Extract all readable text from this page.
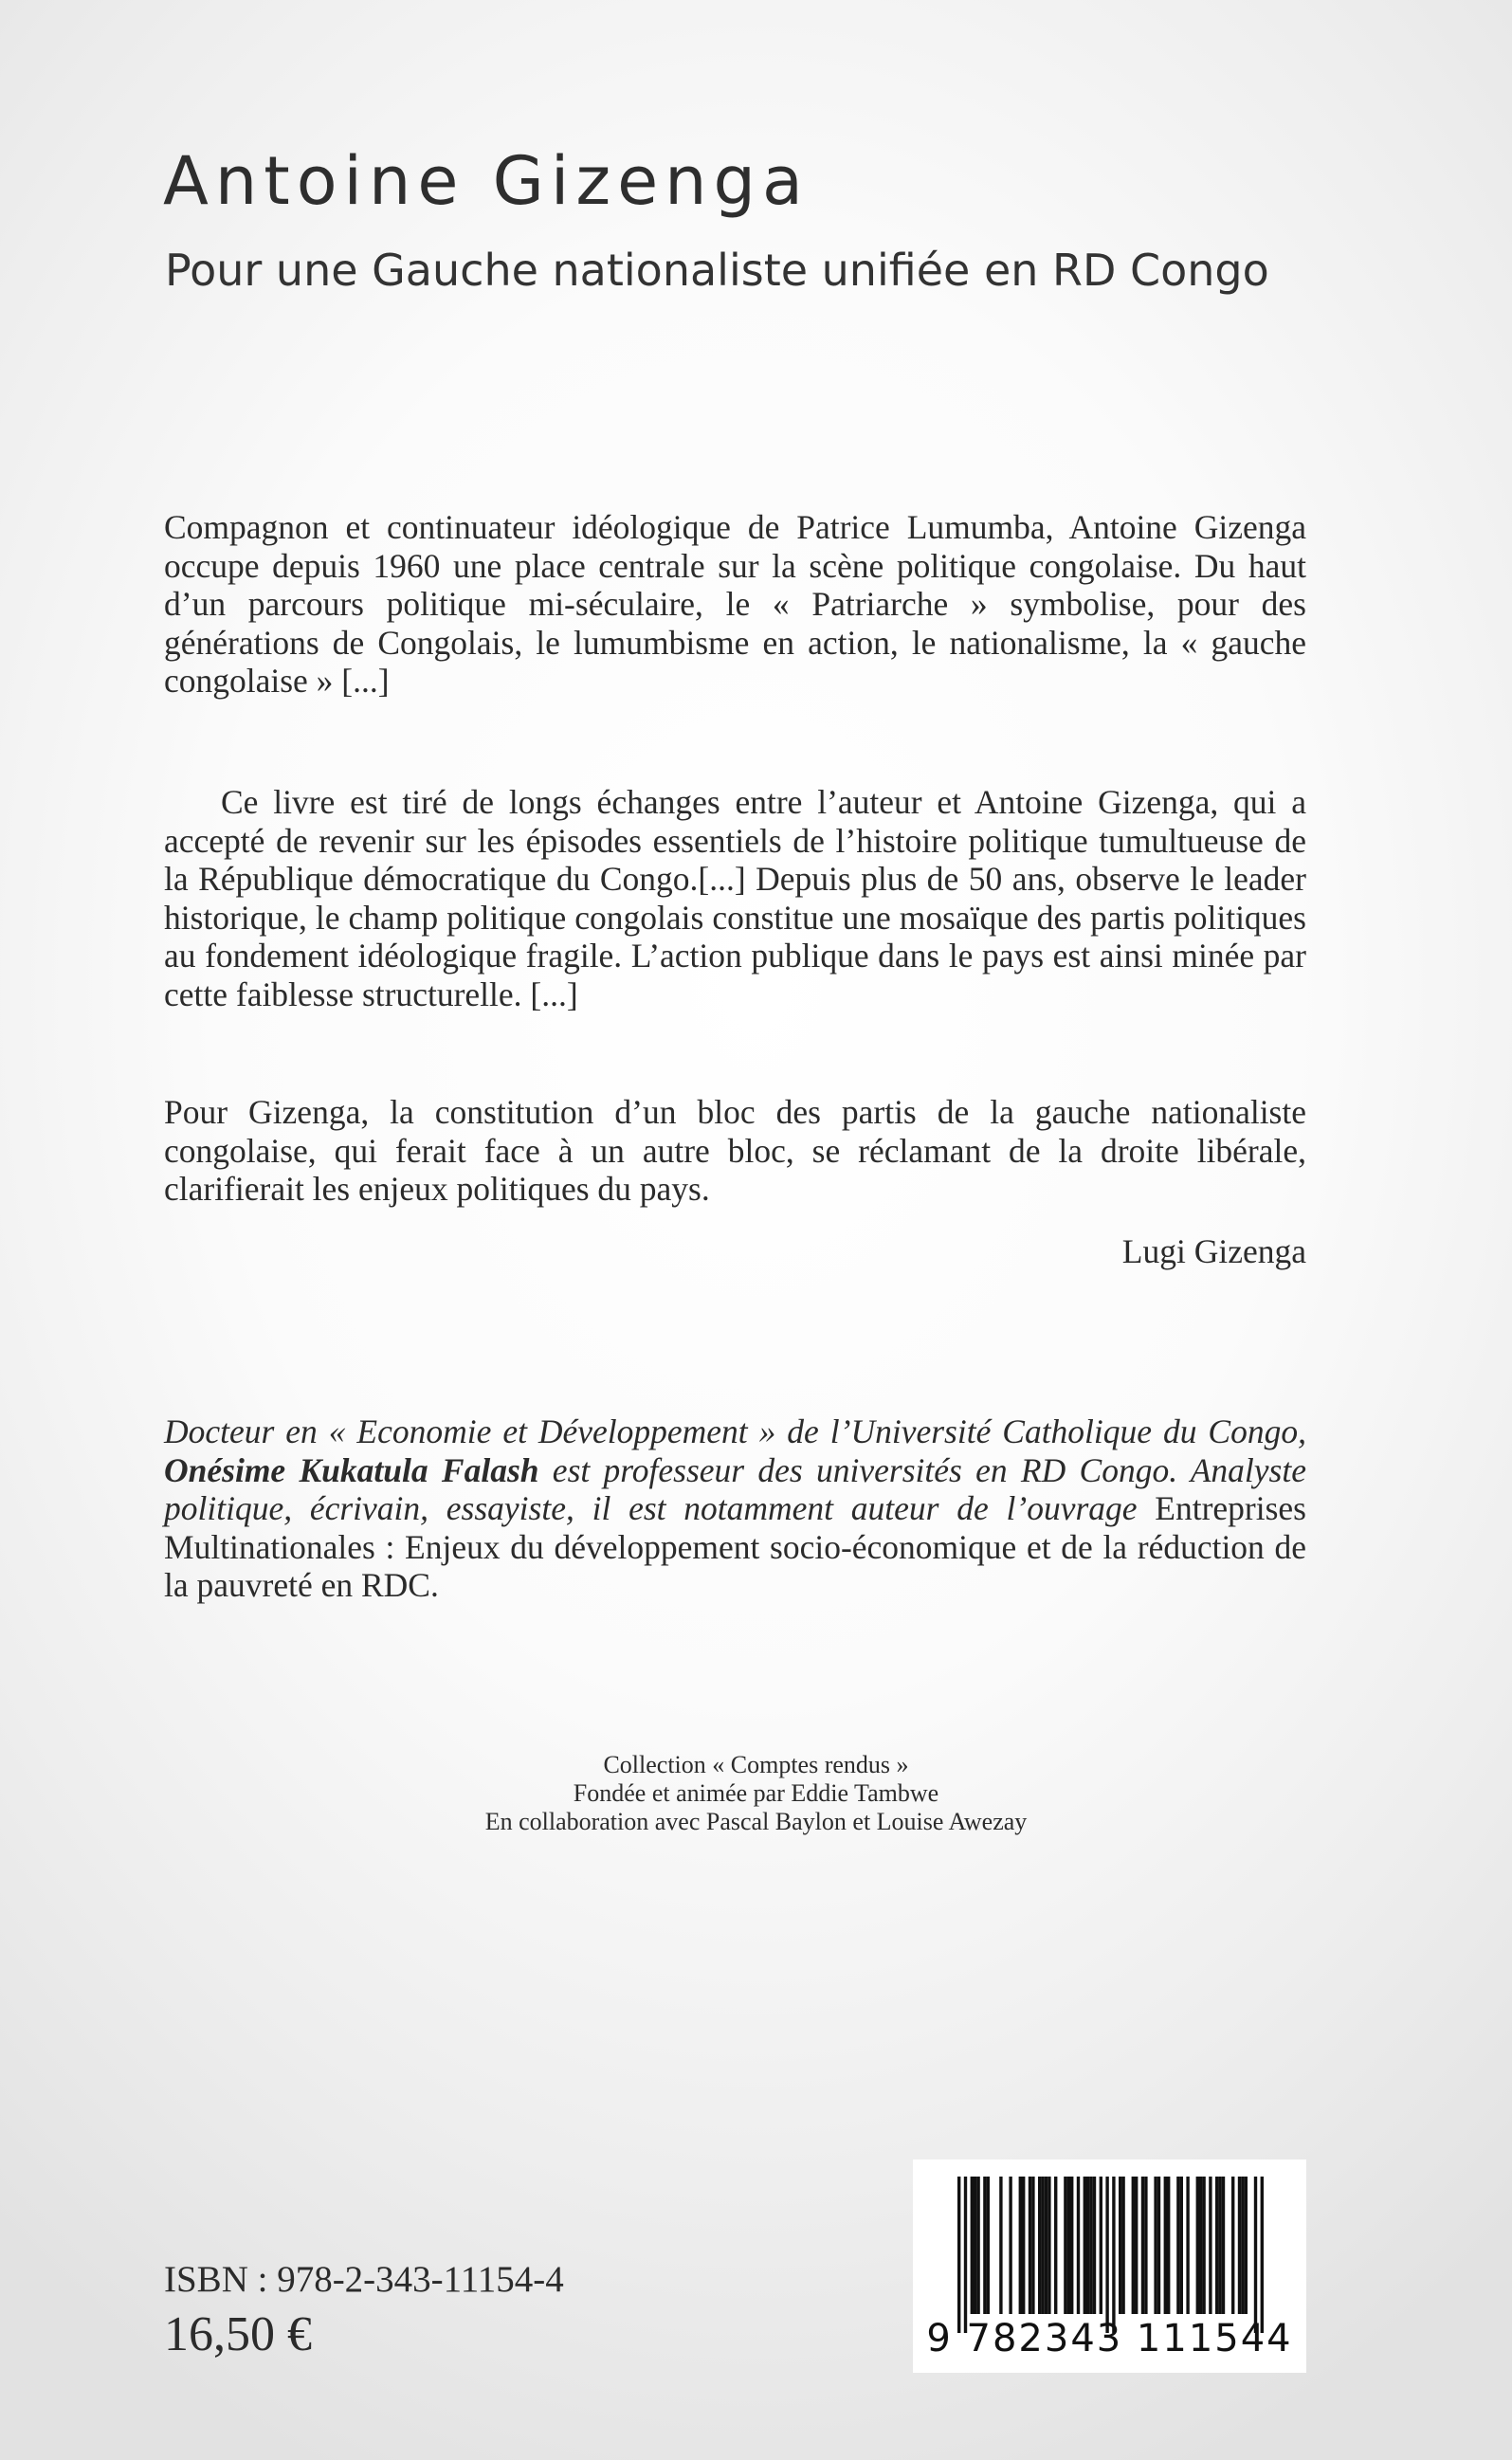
Antoine Gizenga
Pour une Gauche nationaliste unifiée en RD Congo

Compagnon et continuateur idéologique de Patrice Lumumba, Antoine Gizenga occupe depuis 1960 une place centrale sur la scène politique congolaise. Du haut d’un parcours politique mi-séculaire, le « Patriarche » symbolise, pour des générations de Congolais, le lumumbisme en action, le nationalisme, la « gauche congolaise » [...]

Ce livre est tiré de longs échanges entre l’auteur et Antoine Gizenga, qui a accepté de revenir sur les épisodes essentiels de l’histoire politique tumultueuse de la République démocratique du Congo.[...] Depuis plus de 50 ans, observe le leader historique, le champ politique congolais constitue une mosaïque des partis politiques au fondement idéologique fragile. L’action publique dans le pays est ainsi minée par cette faiblesse structurelle. [...]

Pour Gizenga, la constitution d’un bloc des partis de la gauche nationaliste congolaise, qui ferait face à un autre bloc, se réclamant de la droite libérale, clarifierait les enjeux politiques du pays.

Lugi Gizenga

Docteur en « Economie et Développement » de l’Université Catholique du Congo, Onésime Kukatula Falash est professeur des universités en RD Congo. Analyste politique, écrivain, essayiste, il est notamment auteur de l’ouvrage Entreprises Multinationales : Enjeux du développement socio-économique et de la réduction de la pauvreté en RDC.

Collection « Comptes rendus »
Fondée et animée par Eddie Tambwe
En collaboration avec Pascal Baylon et Louise Awezay
ISBN : 978-2-343-11154-4
16,50 €	9 782343 111544
